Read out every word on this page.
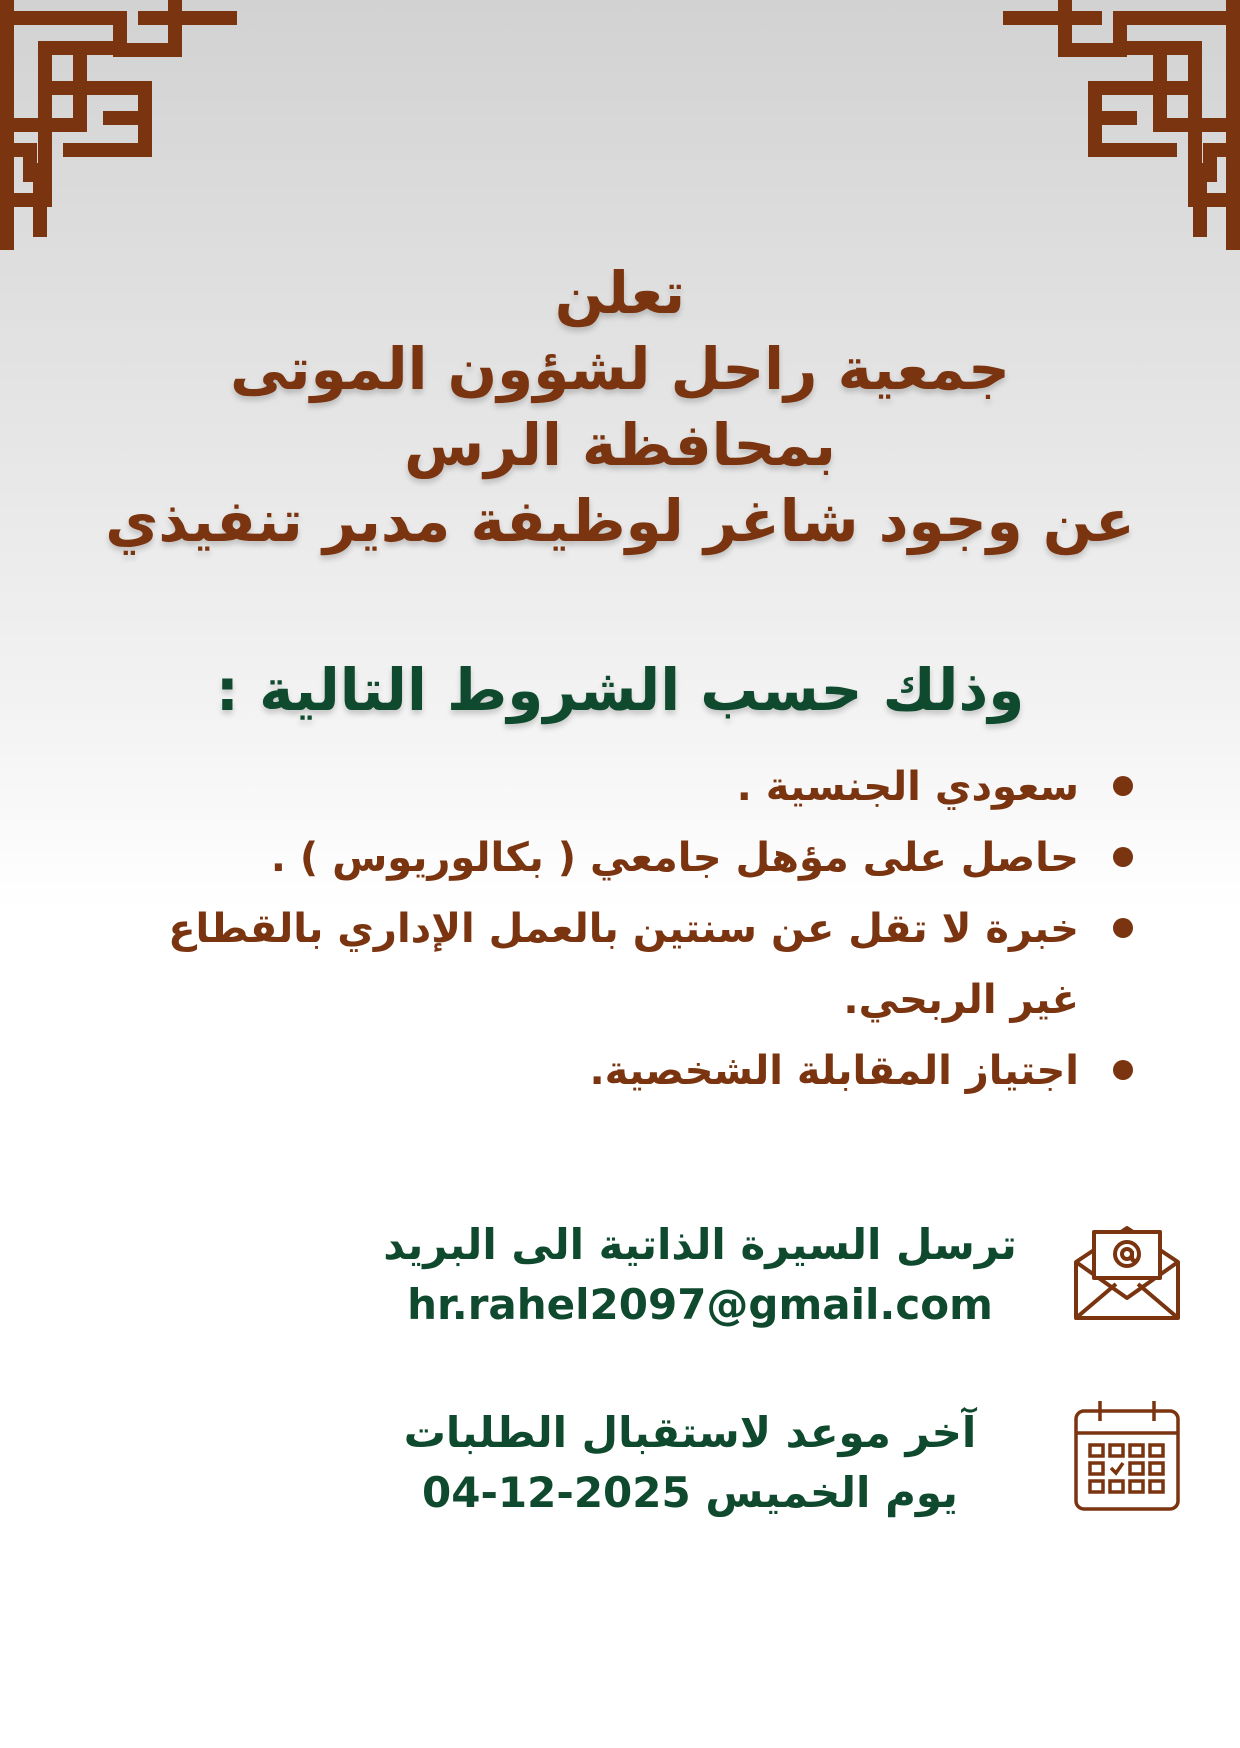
تعلن
جمعية راحل لشؤون الموتى
بمحافظة الرس
عن وجود شاغر لوظيفة مدير تنفيذي
وذلك حسب الشروط التالية :
سعودي الجنسية .
حاصل على مؤهل جامعي ( بكالوريوس ) .
خبرة لا تقل عن سنتين بالعمل الإداري بالقطاع غير الربحي.
اجتياز المقابلة الشخصية.
ترسل السيرة الذاتية الى البريد
hr.rahel2097@gmail.com
آخر موعد لاستقبال الطلبات
يوم الخميس 2025-12-04
